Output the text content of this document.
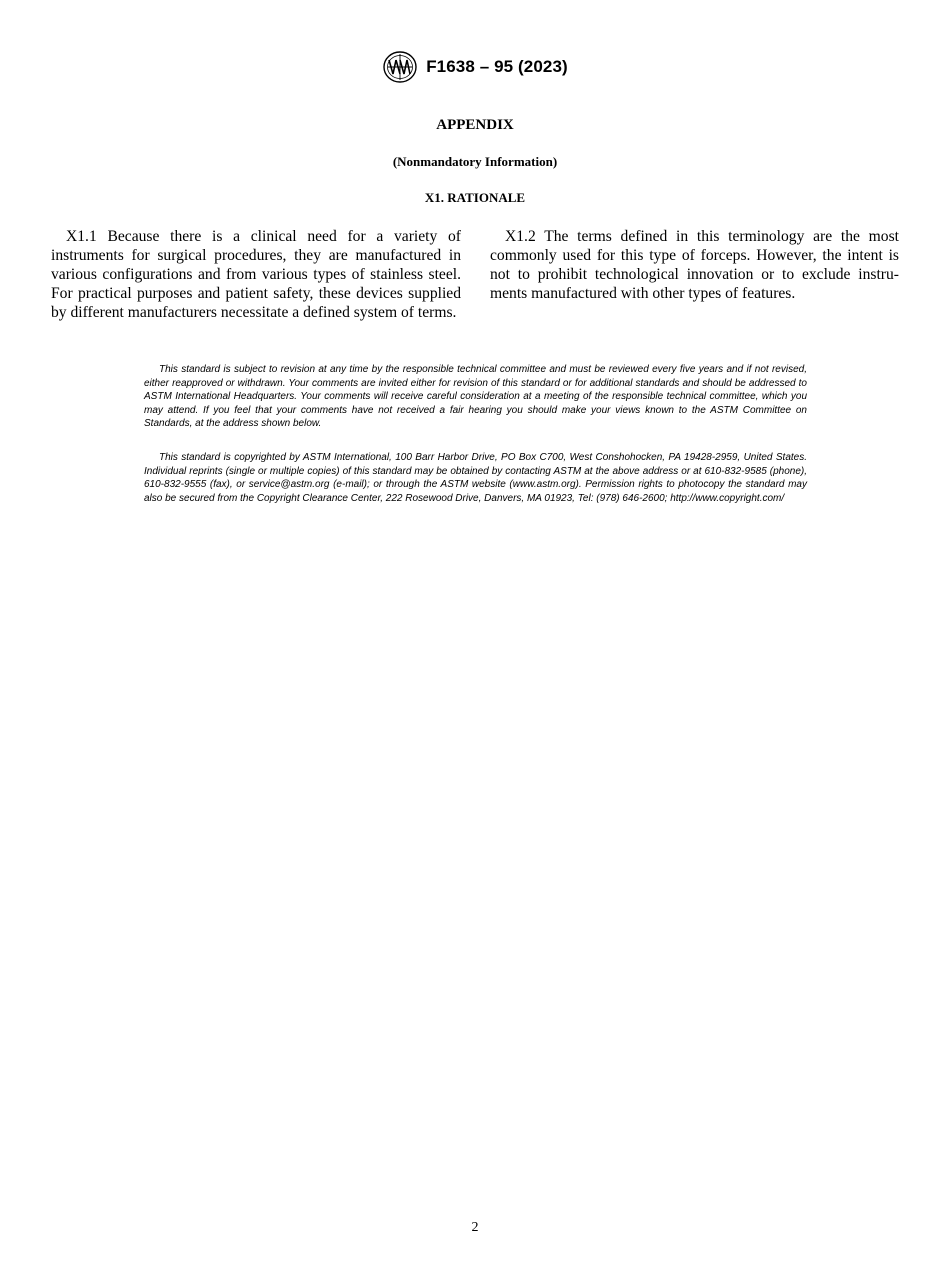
F1638 – 95 (2023)
APPENDIX
(Nonmandatory Information)
X1. RATIONALE

X1.1 Because there is a clinical need for a variety of instruments for surgical procedures, they are manufactured in various configurations and from various types of stainless steel. For practical purposes and patient safety, these devices supplied by different manufacturers necessitate a defined system of terms.

X1.2 The terms defined in this terminology are the most commonly used for this type of forceps. However, the intent is not to prohibit technological innovation or to exclude instruments manufactured with other types of features.

This standard is subject to revision at any time by the responsible technical committee and must be reviewed every five years and if not revised, either reapproved or withdrawn. Your comments are invited either for revision of this standard or for additional standards and should be addressed to ASTM International Headquarters. Your comments will receive careful consideration at a meeting of the responsible technical committee, which you may attend. If you feel that your comments have not received a fair hearing you should make your views known to the ASTM Committee on Standards, at the address shown below.

This standard is copyrighted by ASTM International, 100 Barr Harbor Drive, PO Box C700, West Conshohocken, PA 19428-2959, United States. Individual reprints (single or multiple copies) of this standard may be obtained by contacting ASTM at the above address or at 610-832-9585 (phone), 610-832-9555 (fax), or service@astm.org (e-mail); or through the ASTM website (www.astm.org). Permission rights to photocopy the standard may also be secured from the Copyright Clearance Center, 222 Rosewood Drive, Danvers, MA 01923, Tel: (978) 646-2600; http://www.copyright.com/

2
